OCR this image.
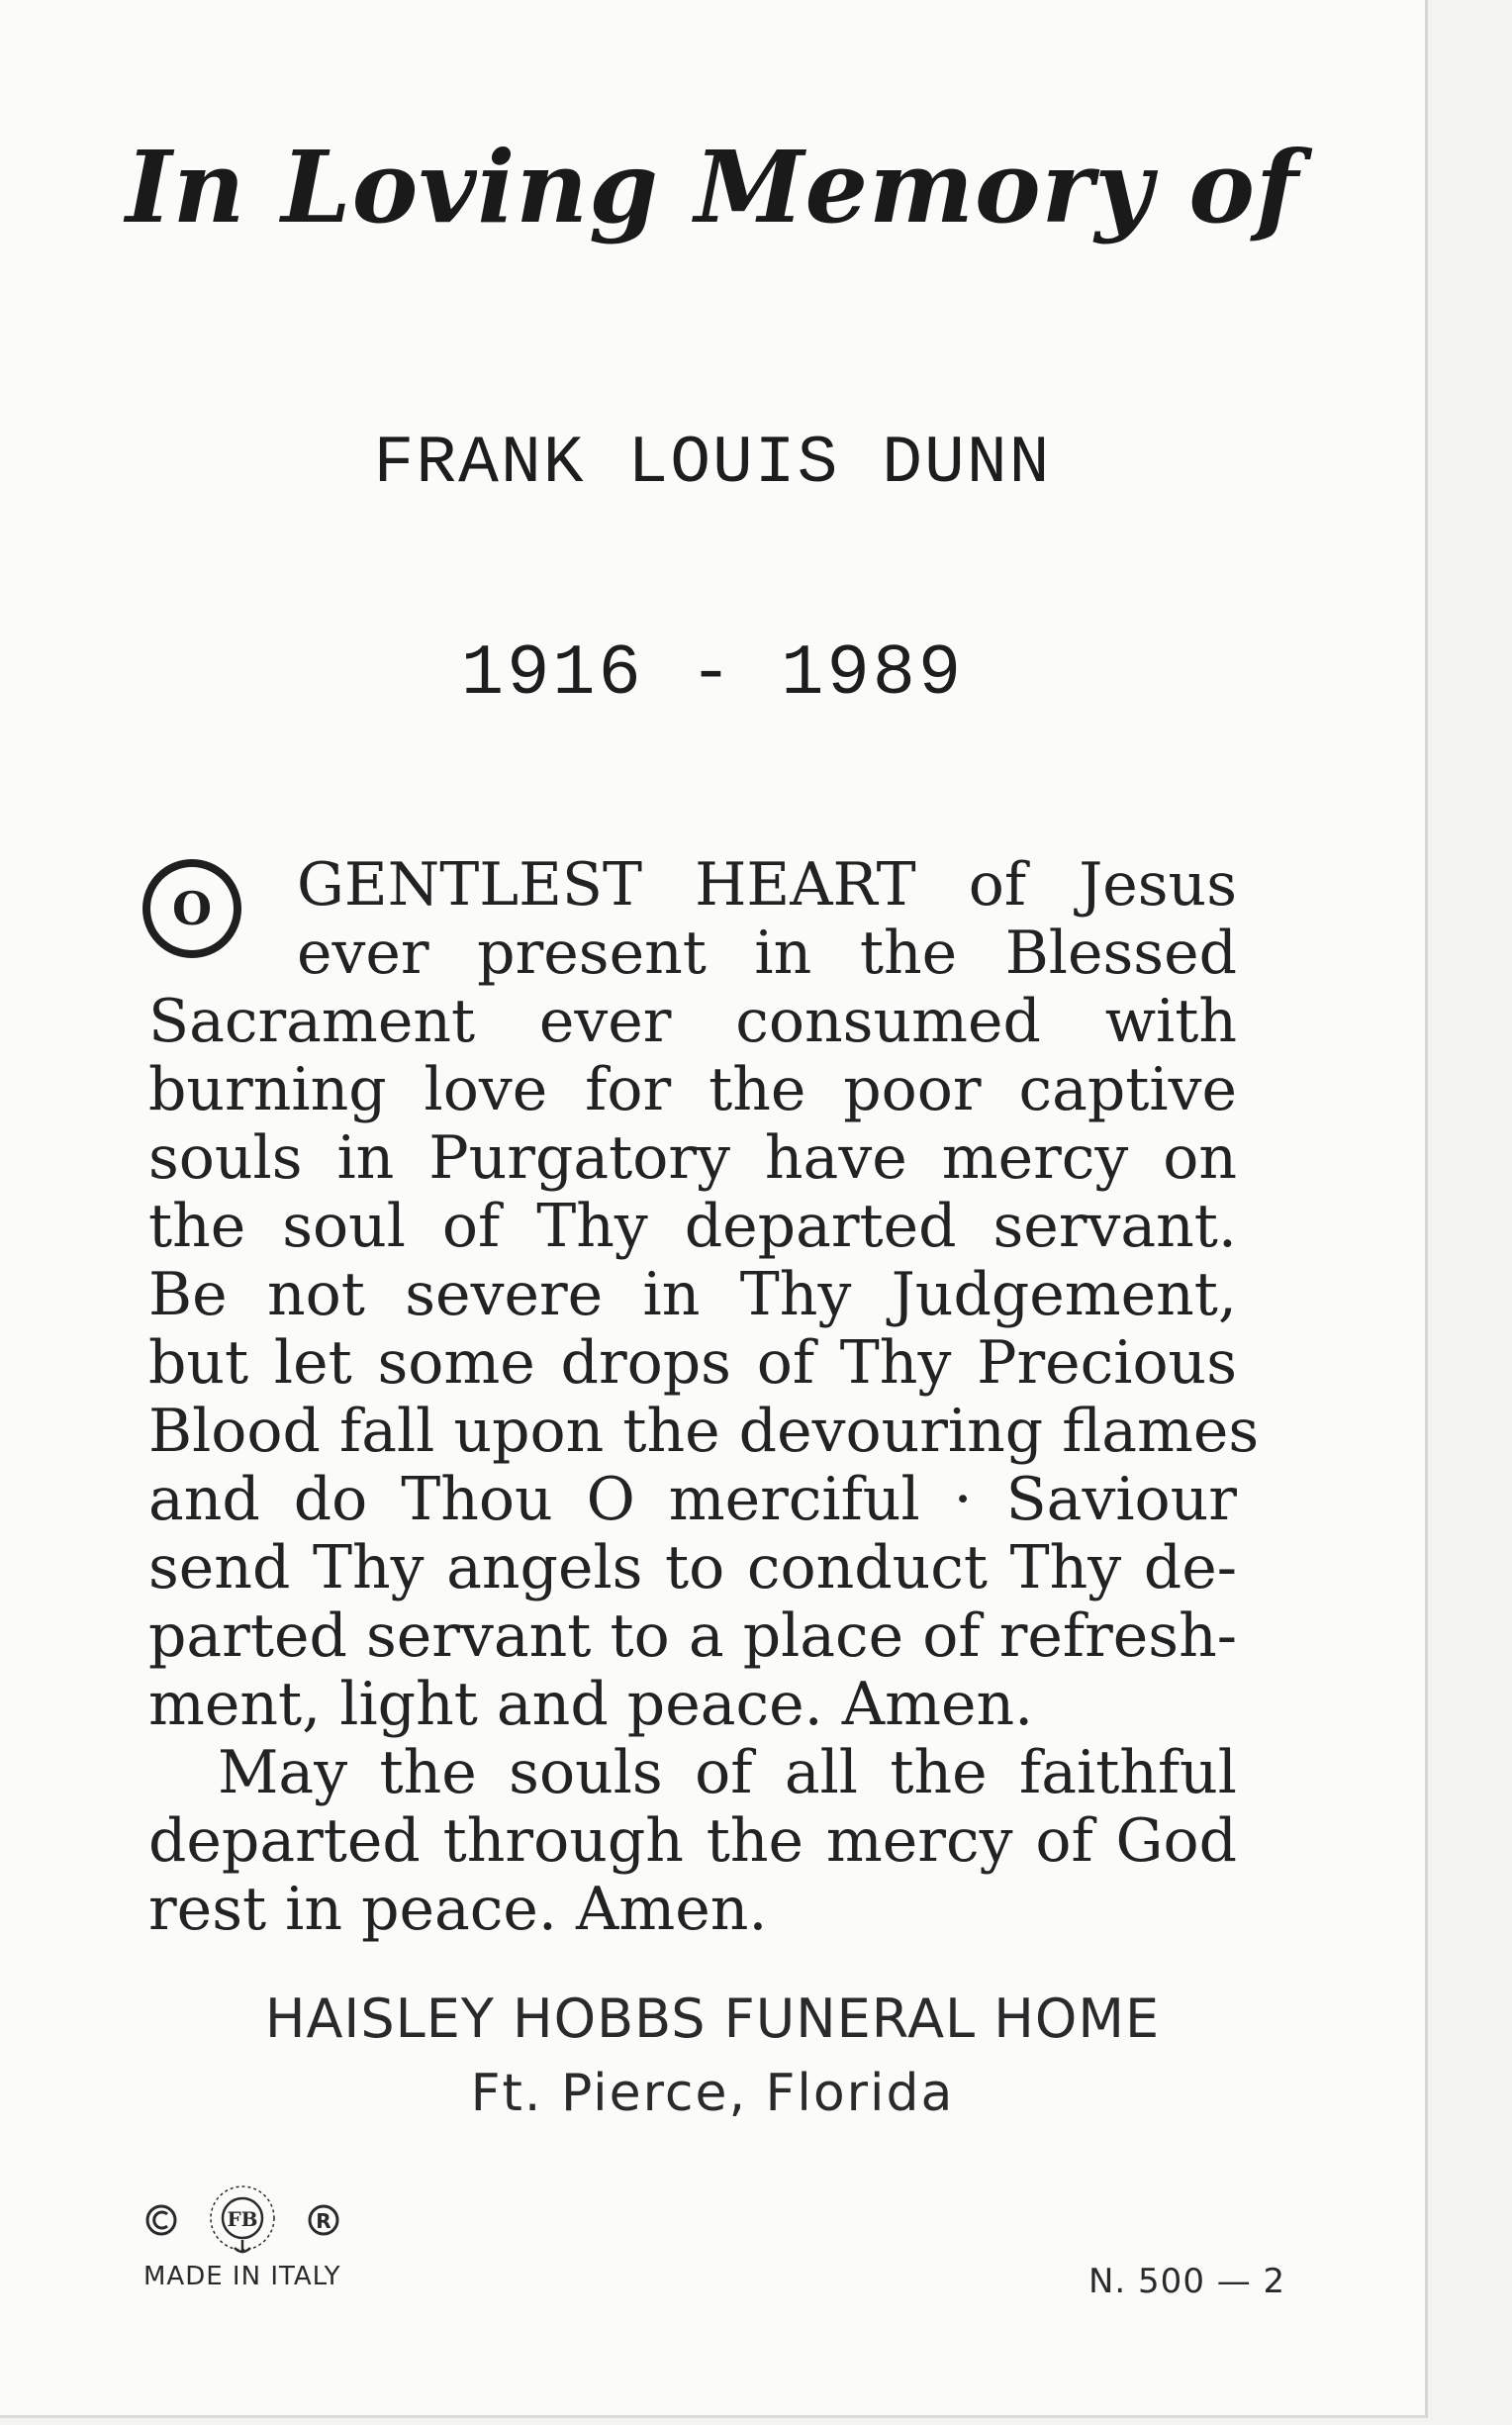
In Loving Memory of
FRANK LOUIS DUNN
1916 - 1989
O	GENTLEST HEART of Jesus
ever present in the Blessed
Sacrament ever consumed with
burning love for the poor captive
souls in Purgatory have mercy on
the soul of Thy departed servant.
Be not severe in Thy Judgement,
but let some drops of Thy Precious
Blood fall upon the devouring flames
and do Thou O merciful · Saviour
send Thy angels to conduct Thy de-
parted servant to a place of refresh-
ment, light and peace. Amen.
May the souls of all the faithful
departed through the mercy of God
rest in peace. Amen.
HAISLEY HOBBS FUNERAL HOME
Ft. Pierce, Florida
FB	R
MADE IN ITALY	N. 500 — 2
